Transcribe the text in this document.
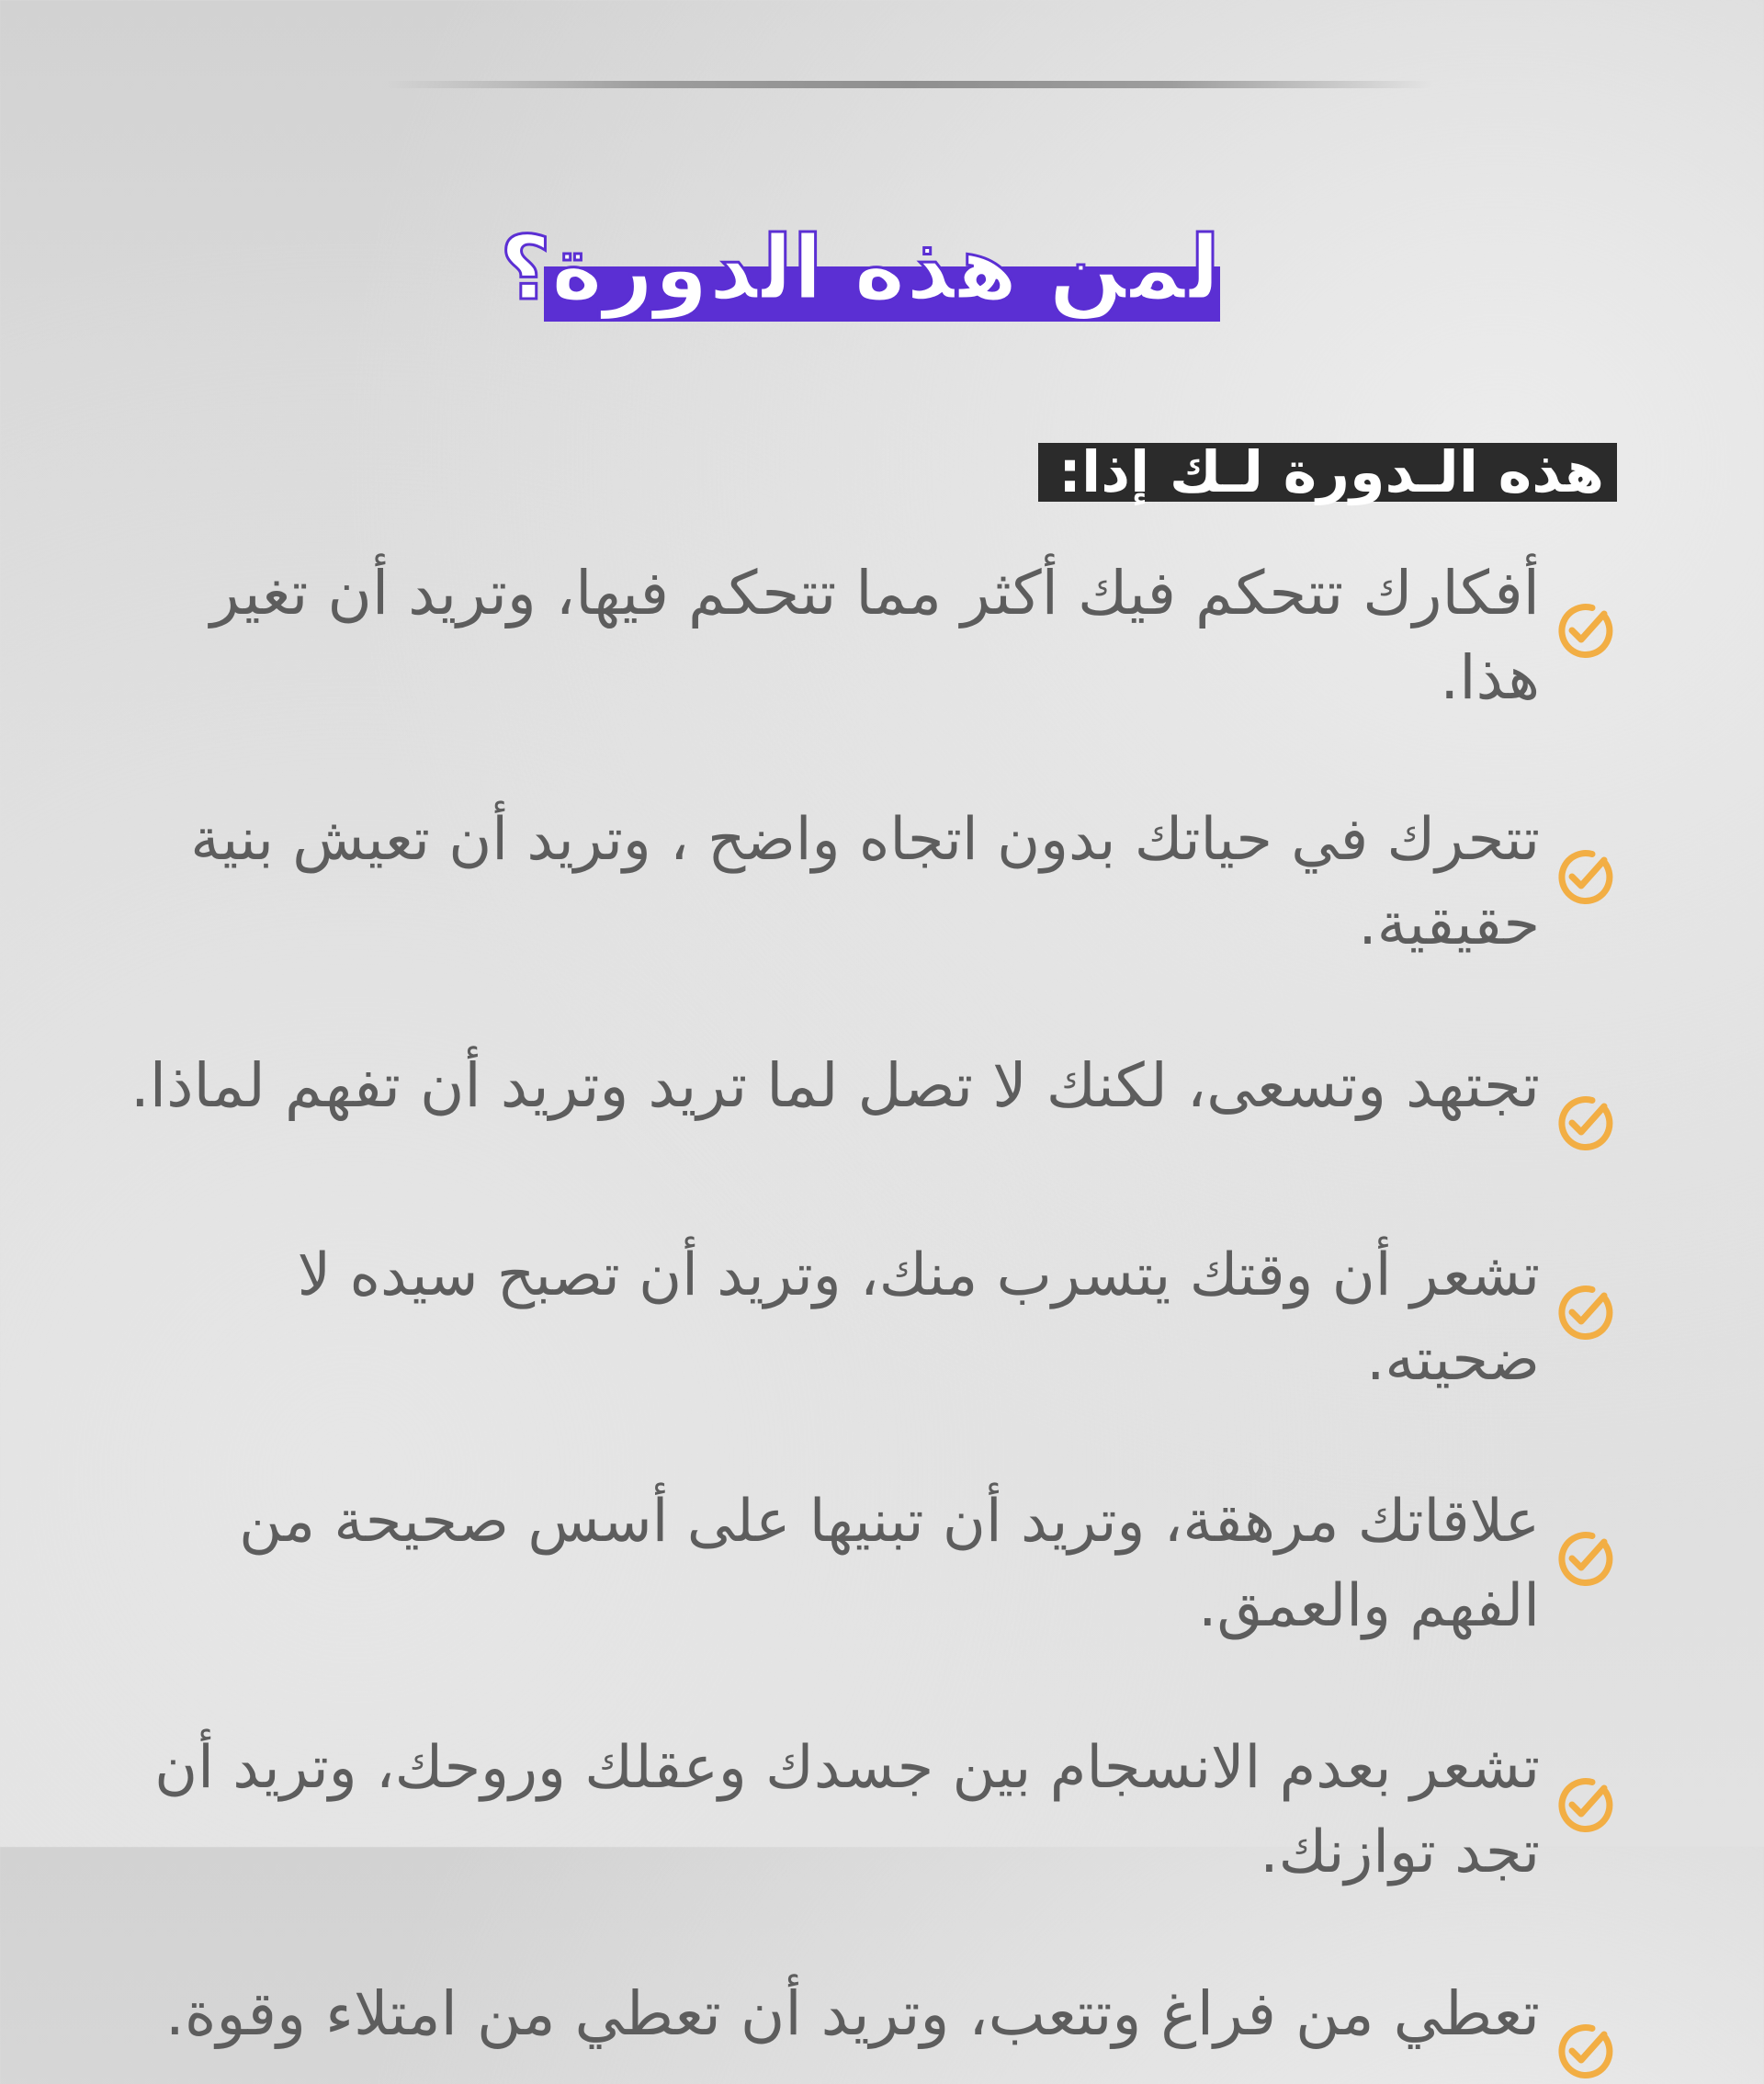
لمن هذه الدورة؟
هذه الـدورة لـك إذا:
أفكارك تتحكم فيك أكثر مما تتحكم فيها، وتريد أن تغير هذا.
تتحرك في حياتك بدون اتجاه واضح ، وتريد أن تعيش بنية حقيقية.
تجتهد وتسعى، لكنك لا تصل لما تريد وتريد أن تفهم لماذا.
تشعر أن وقتك يتسرب منك، وتريد أن تصبح سيده لا ضحيته.
علاقاتك مرهقة، وتريد أن تبنيها على أسس صحيحة من الفهم والعمق.
تشعر بعدم الانسجام بين جسدك وعقلك وروحك، وتريد أن تجد توازنك.
تعطي من فراغ وتتعب، وتريد أن تعطي من امتلاء وقوة.
